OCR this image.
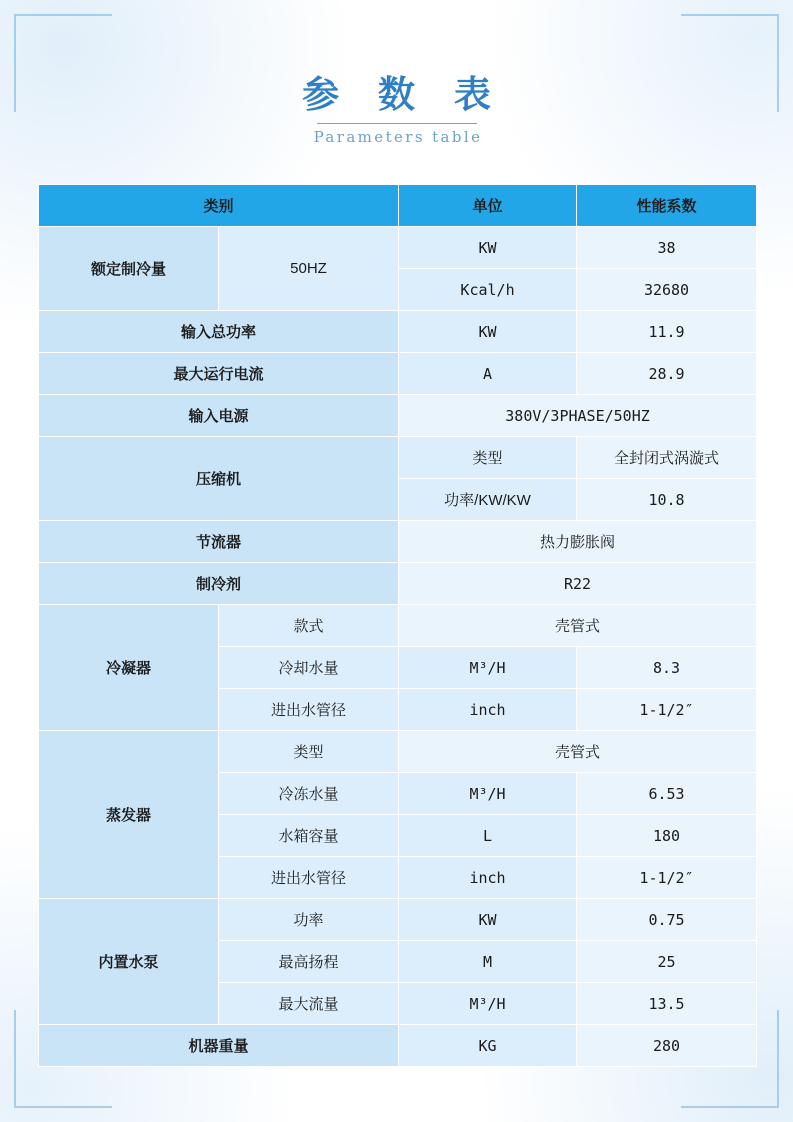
参 数 表
Parameters table
类别		单位	性能系数
额定制冷量	50HZ	KW	38
		Kcal/h	32680
输入总功率		KW	11.9
最大运行电流		A	28.9
输入电源		380V/3PHASE/50HZ	
压缩机		类型	全封闭式涡漩式
		功率/KW/KW	10.8
节流器		热力膨胀阀	
制冷剂		R22	
冷凝器	款式	壳管式	
	冷却水量	M³/H	8.3
	进出水管径	inch	1-1/2″
蒸发器	类型	壳管式	
	冷冻水量	M³/H	6.53
	水箱容量	L	180
	进出水管径	inch	1-1/2″
内置水泵	功率	KW	0.75
	最高扬程	M	25
	最大流量	M³/H	13.5
机器重量		KG	280
